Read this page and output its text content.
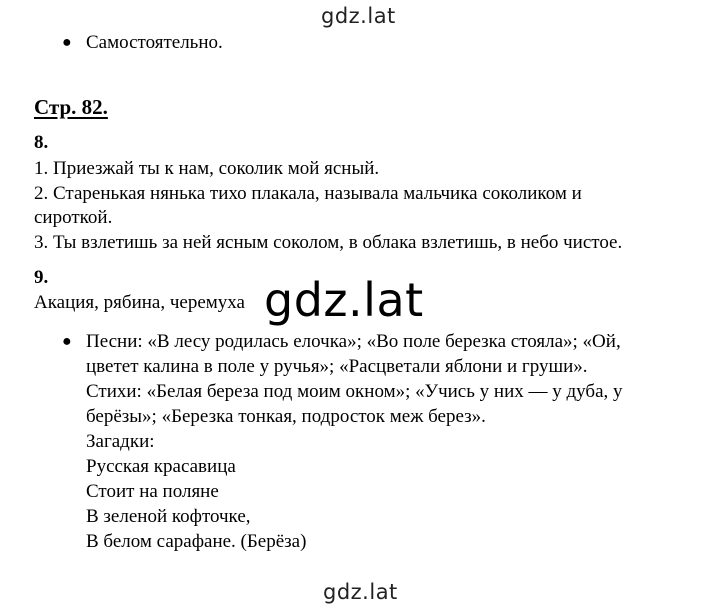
gdz.lat
● Самостоятельно.
Стр. 82.
8.
1. Приезжай ты к нам, соколик мой ясный.
2. Старенькая нянька тихо плакала, называла мальчика соколиком и
сироткой.
3. Ты взлетишь за ней ясным соколом, в облака взлетишь, в небо чистое.
9.
Акация, рябина, черемуха gdz.lat
● Песни: «В лесу родилась елочка»; «Во поле березка стояла»; «Ой,
цветет калина в поле у ручья»; «Расцветали яблони и груши».
Стихи: «Белая береза под моим окном»; «Учись у них — у дуба, у
берёзы»; «Березка тонкая, подросток меж берез».
Загадки:
Русская красавица
Стоит на поляне
В зеленой кофточке,
В белом сарафане. (Берёза)
gdz.lat
